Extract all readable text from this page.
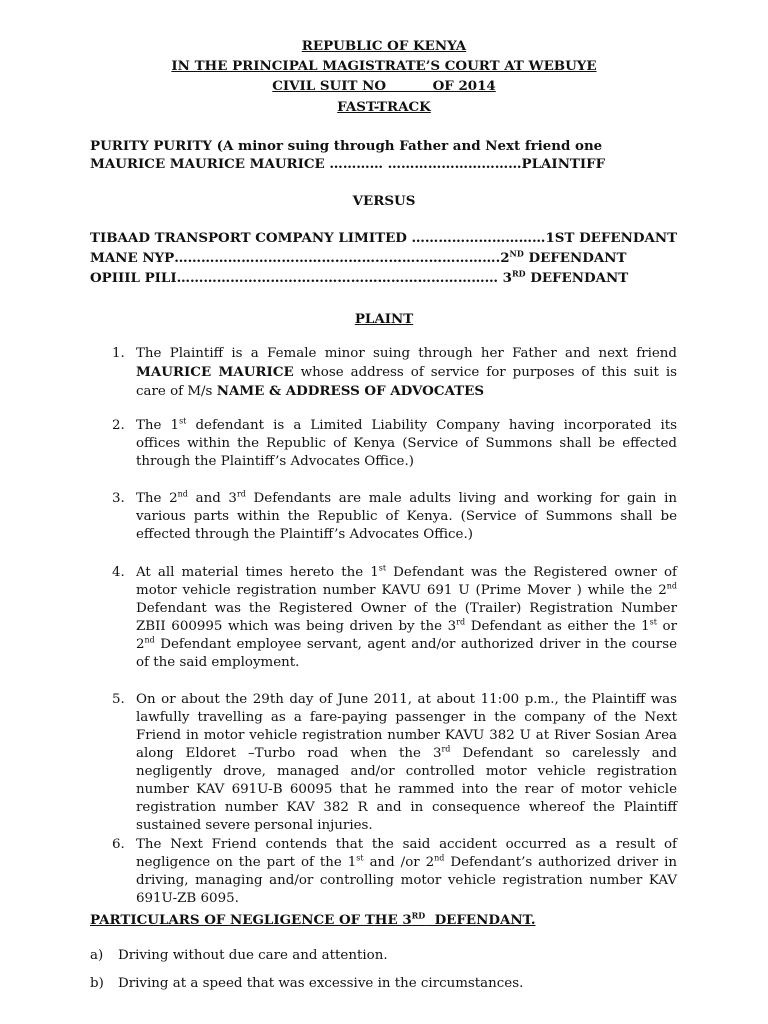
REPUBLIC OF KENYA
IN THE PRINCIPAL MAGISTRATE’S COURT AT WEBUYE
CIVIL SUIT NO          OF 2014
FAST-TRACK
PURITY PURITY (A minor suing through Father and Next friend one
MAURICE MAURICE MAURICE ………… …………………………PLAINTIFF
VERSUS
TIBAAD TRANSPORT COMPANY LIMITED …………………………1ST DEFENDANT
MANE NYP……………………………………………………………….2ND DEFENDANT
OPIIIL PILI……………………………………………………………… 3RD DEFENDANT
PLAINT
1. The Plaintiff is a Female minor suing through her Father and next friend MAURICE MAURICE whose address of service for purposes of this suit is care of M/s NAME & ADDRESS OF ADVOCATES
2. The 1st defendant is a Limited Liability Company having incorporated its offices within the Republic of Kenya (Service of Summons shall be effected through the Plaintiff’s Advocates Office.)
3. The 2nd and 3rd Defendants are male adults living and working for gain in various parts within the Republic of Kenya. (Service of Summons shall be effected through the Plaintiff’s Advocates Office.)
4. At all material times hereto the 1st Defendant was the Registered owner of motor vehicle registration number KAVU 691 U (Prime Mover ) while the 2nd Defendant was the Registered Owner of the (Trailer) Registration Number ZBII 600995 which was being driven by the 3rd Defendant as either the 1st or 2nd Defendant employee servant, agent and/or authorized driver in the course of the said employment.
5. On or about the 29th day of June 2011, at about 11:00 p.m., the Plaintiff was lawfully travelling as a fare-paying passenger in the company of the Next Friend in motor vehicle registration number KAVU 382 U at River Sosian Area along Eldoret –Turbo road when the 3rd Defendant so carelessly and negligently drove, managed and/or controlled motor vehicle registration number KAV 691U-B 60095 that he rammed into the rear of motor vehicle registration number KAV 382 R and in consequence whereof the Plaintiff sustained severe personal injuries.
6. The Next Friend contends that the said accident occurred as a result of negligence on the part of the 1st and /or 2nd Defendant’s authorized driver in driving, managing and/or controlling motor vehicle registration number KAV 691U-ZB 6095.
PARTICULARS OF NEGLIGENCE OF THE 3RD  DEFENDANT.
a) Driving without due care and attention.
b) Driving at a speed that was excessive in the circumstances.
